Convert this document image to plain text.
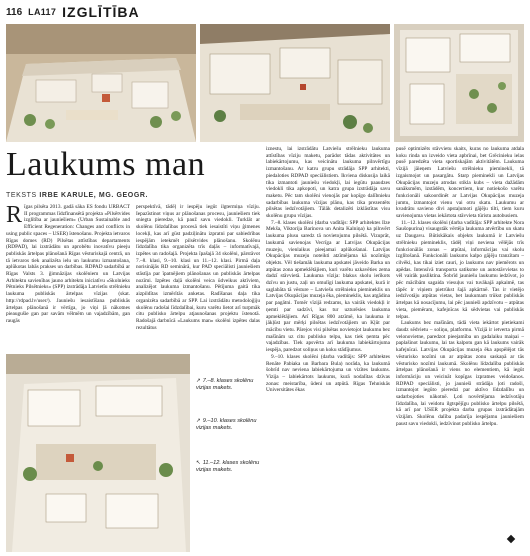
116 LA117 IZGLĪTĪBA
Laukums man
TEKSTS IRBE KARULE, MG. GEOGR.

Rīgas pilsēta 2013. gadā sāka ES fondu URBACT II programmas līdzfinansētā projekta «Pilsētvides izglītība ar jauniešiem» (Urban Sustainable and Efficient Regeneration: Changes and conflicts in using public spaces – USER) īstenošanu. Projekta ietvaros Rīgas domes (RD) Pilsētas attīstības departaments (RDPAD), lai izstrādātu un aprobētu inovatīvu pieeju publiskās ārtelpas plānošanā Rīgas vēsturiskajā centrā, un tā ietvaros tiek analizēta ielu un laukumu izmantošana, aplūkotas labās prakses un darbības. RDPAD sadarbībā ar Rīgas Valsts 3. ģimnāzijas skolēniem un Latvijas Arhitektu savienības jauno arhitektu iniciatīvu «Skolnieks Pētnieks Pilsētnieks» (SPP) izstrādāja Latvietīu strēlnieku laukuma publiskās ārtelpas vīzijas (skat. http://rdpad.lv/user/). Jauniešu iesaistīšana publiskās ārtelpas plānošanā ir vērtīga, jo viņi ļā nākotnes pieaugušie gan par savām vēlmēm un vajadzībām, gan raugās

perspektīvā, tādēļ ir iespēju iegūt ilgtermiņa vīziju. Iepazīstinot viņus ar plānošanas procesu, jauniešiem tiek sniegta pieredze, kā pauž savu viedokli. Turklāt ar skolēnu līdzdalības procesā tiek iesaistīti viņu ģimenes locekļi, kas arī gūst padziļinātu izpratni par sabiedrības iespējām ietekmēt pilsētvides plānošanu. Skolēnu līdzdalība tika organizēta trīs daļās – informatīvajā, izpētes un radošajā. Projekta īpašajā 34 skolēni, pārstāvot 7.–8. klasi, 9.–10. klasi un 11.–12. klasi. Pirmā daļa norisinājās RD seminārā, kur PAD speciālisti jauniešiem stāstīja par īpatnējiem plānošanas un publiskās ārtelpas nozīmi. Izpētes daļā skolēni veica ūdveikus aktīviem, analizējot laukuma izmantošanu. Pētījuma gaitā tika aizpildītas izmērītās anketas. Radīšanas daļa tika organizēta sadarbībā ar SPP. Lai izstrādātu metodoloģiju skolēnu radošai līdzdalībai, kuru varētu lietot arī turpmāk citu publisko ārtelpu atjaunošanas projektu īstenotā. Radošajā darbnīcā «Laukums man» skolēni izpētes dalas rezultātus

↗ 7.–8. klases skolēnu vizijas makets.
↗ 9.–10. klases skolēnu vizijas makets.
↖ 11.–12. klases skolēnu vizijas makets.

iznestu, lai izstrādātu Latviešu strēlnieku laukuma attīstības vīziju maketu, parādot tādas aktivitātes un labiekārtojumu, kas veicinātu laukuma pilnvērtīgu izmantošanu. Ar katru grupu strādāja SPP arhitekti, piedaloties RDPAD speciālistiem. Ikviena diskusija laikā tika izmantoti jauniešu viedokļi, lai iegūtu paaudzes viedokli tika apkopoti, un katra grupa izstrādāja savu maketu. Pēc tam skolēni vienojās par kopīgo dalībnieku sadarbības laukuma vīzijas plānu, kas tika prezentēts pilsētas iedzīvotājiem. Tālāk detalizēti izklāstītas visu skolēnu grupu vīzijas.

7.–8. klases skolēni (darba vadītājs: SPP arhitektes Ilze Mekša, Viktorija Barinova un Anita Kalniņa) ka pilnvērt laukuma plusu saredz tā novietojumu pilsētā. Vizuprāt, laukumā savienojas Vecrīga ar Latvijas Okupācijas muzeju, vienlaikus pieejamai aplūkošanai. Latvijas Okupācijas muzeju noteikti atzīmējama kā nozīmīgs objekts. Vēl tiešamāk laukuma apskatei jāveido Barka un atpūtas zona apmeklētājiem, kuri varētu uzkavēties zema dadzī stāvvietā. Laukuma vīzija: blakus skolu ierīkots dzīvu un justu, zaļi un omulīgi laukuma apskatei, kurā ir saglabāta tā vēsture – Latviešu strēlnieku piemineklis un Latvijas Okupācijas muzeja ēka, piemineklis, kas atgādina par pagātni. Tomēr vīzijā redzams, ka vairāk viedokļi ir ņemti par sadzīvi, kas tur uzturēsies laukuma apmeklētājiem. Arī Rīgas 800 atzīmē, ka laukuma ir jākļūst par mērķi pilsētas iedzīvotājiem un Kļūt par mācību vietu. Pārejos visi pilsētas novietojot laukumu bez mašīnām uz citu publisko telpu, kas tiek ņemta pēc vajadzības. Tiek apsvērta arī laukuma labiekārtojuma iespēja, paredzot soliņus un koku stādījumus.

9.–10. klases skolēni (darba vadītājs: SPP arhitektes Renāte Pabiaka un Barbara Bula) norāda, ka laukumā šobrīd nav neviena labiekārtojuma un vizītes laukums. Vizija – labiekārtots laukums, kurā nodalītas dzīvas zonas: meistarība, ūdeni un atpūtā. Rīgas Tehniskās Universitātes ēkas

pusē optimizēts stāvvietu skaits, kuras no laukuma atdala koku rinda un izveido vieta apbrīnai, bet Grēcinieku ielas pusē paredzēta vieta sportiskajām aktivitātēm. Laukuma vīzijā jāieņem Latviešu strēlnieku pieminekli, tā izgaismojot un pasargātu. Starp pieminekli un Latvijas Okupācijas muzeju atrodas stikla kubs – vieta dažādām sanāksmēm, izstādēm, koncertiem, kur notiekošo varētu funkcionāli sakoordinēt ar Latvijas Okupācijas muzeja jumtu, izmantojot vienu vai otru skatu. Laukumu ar kvadrātu savieno divi apstaļumoti gājēju tilti, tiem kuru savienojuma vietas iekārtota stāvvieta tūristu autobusiem.

11.–12. klases skolēni (darba vadītāja: SPP arhitekte Nora Saušopurina) visaugstāk vērtēja laukuma atvērtību un skatu uz Daugavu. Būtiskākais objekts laukumā ir Latviešu strēlnieku piemineklis, tādēļ viņi neviena vēlējās trīs funkcionālās zonas – atpūtai, informācijas vai skolu izglītošanā. Funkcionāli laukums kalpo gājēju tranzītam – cilvēki, kas tikai iziet cauri, jo laukums nav piemērots un apēdas. Intensīvā transporta satiksme un autostāvvietas to vēl vairāk pasliktina. Šobrīd jauniešu laukumu iedzīvot, jo pēc mācībām sagaida viesuļus vai tuvākajā apkaimē, tas tāpēc ir viņiem pietrūkst šajā apkārtnē. Tas ir vietējo iedzīvotāju atpūtas vietas, bet laukumam trūkst publiskās ārtelpas kā nosacījumu, lai pēc jaunieši apdzīvotu – atpūtas vieta, piemēram, kafejnīcas kā sēdvietas vai publiskās telpas.

Laukums bez mašīnām, tādā vieta iekārtot pietiekami daudz sēdvietu – soliņu, platformu. Vīzijā ir ietverta pirmā velonovietne, paredzot pieejamība un gadalaiku maiņai – paplašinot laukumu, lai tas kalpotu gan kā laukums vairāk kafejnīcai. Latvijas Okupācijas muzeja ēka apspēlējot tās vēsturisko nozīmi un ar atpūtas zonu saskaņā ar tās vēsturisko nozīmi laukumā. Skolēnu līdzdalība publiskās ārtelpas plānošanā ir viens no elementiem, kā iegūt informāciju un veicināt kopīgas izpratnes veidošanos. RDPAD speciālisti, jo jaunieši strādāja ļoti radoši, izmantojot iegūto pieredzi par aktīvo līdzdalību un sadarbojoties nākotnē. Ļoti novērtējama iedzīvotāju līdzdalība, lai veidotu ilgtspējīgu publisko ārtelpu pilsētā, kā arī par USER projekta darba grupas izstrādātajām vīzijām. Skolēnu dalība padarīja iespējamu jauniešiem paust savu viedokli, iedzīvinot publisko ārtelpu.
